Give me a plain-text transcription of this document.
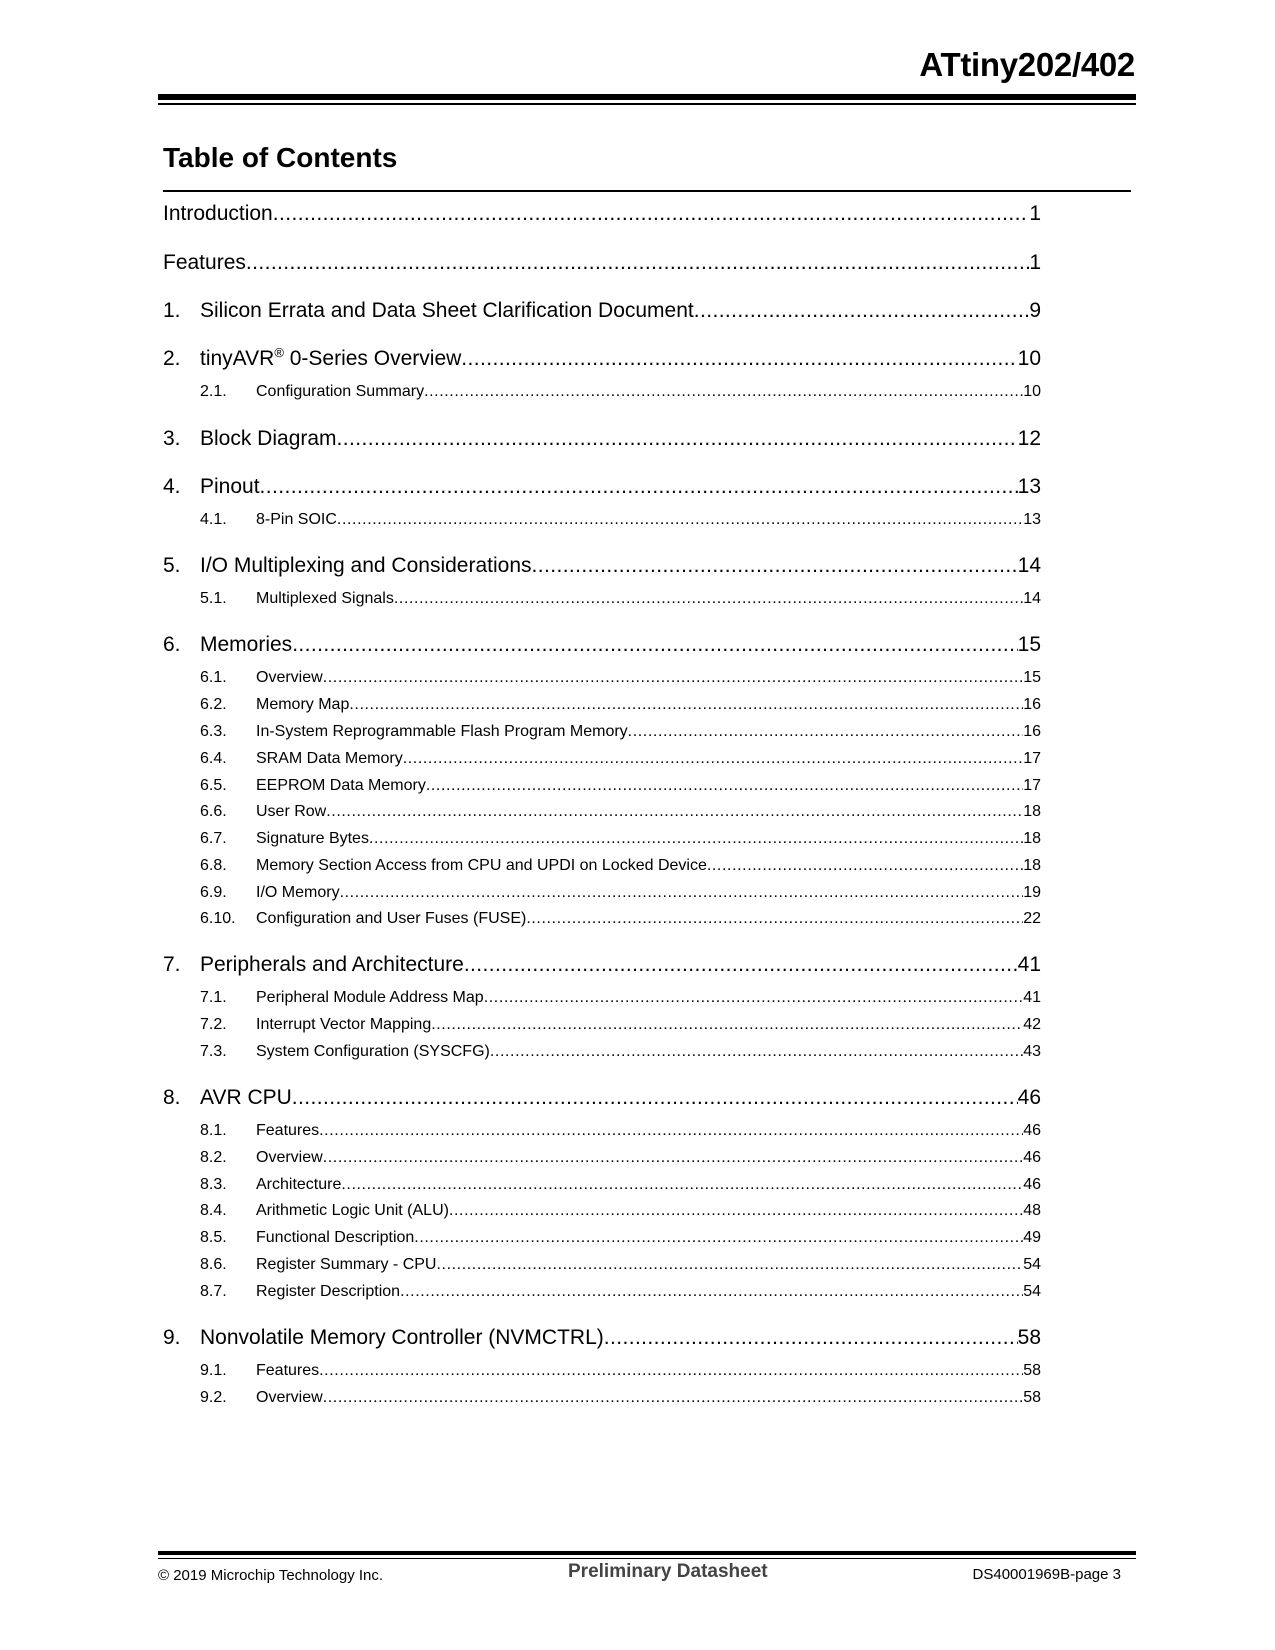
ATtiny202/402
Table of Contents
Introduction .....	1
Features .....	1
1. Silicon Errata and Data Sheet Clarification Document .....	9
2. tinyAVR® 0-Series Overview .....	10
2.1.	Configuration Summary .....	10
3. Block Diagram .....	12
4. Pinout .....	13
4.1.	8-Pin SOIC .....	13
5. I/O Multiplexing and Considerations .....	14
5.1.	Multiplexed Signals .....	14
6. Memories .....	15
6.1.	Overview .....	15
6.2.	Memory Map .....	16
6.3.	In-System Reprogrammable Flash Program Memory .....	16
6.4.	SRAM Data Memory .....	17
6.5.	EEPROM Data Memory .....	17
6.6.	User Row .....	18
6.7.	Signature Bytes .....	18
6.8.	Memory Section Access from CPU and UPDI on Locked Device .....	18
6.9.	I/O Memory .....	19
6.10.	Configuration and User Fuses (FUSE) .....	22
7. Peripherals and Architecture .....	41
7.1.	Peripheral Module Address Map .....	41
7.2.	Interrupt Vector Mapping .....	42
7.3.	System Configuration (SYSCFG) .....	43
8. AVR CPU .....	46
8.1.	Features .....	46
8.2.	Overview .....	46
8.3.	Architecture .....	46
8.4.	Arithmetic Logic Unit (ALU) .....	48
8.5.	Functional Description .....	49
8.6.	Register Summary - CPU .....	54
8.7.	Register Description .....	54
9. Nonvolatile Memory Controller (NVMCTRL) .....	58
9.1.	Features .....	58
9.2.	Overview .....	58
© 2019 Microchip Technology Inc.	Preliminary Datasheet	DS40001969B-page 3
